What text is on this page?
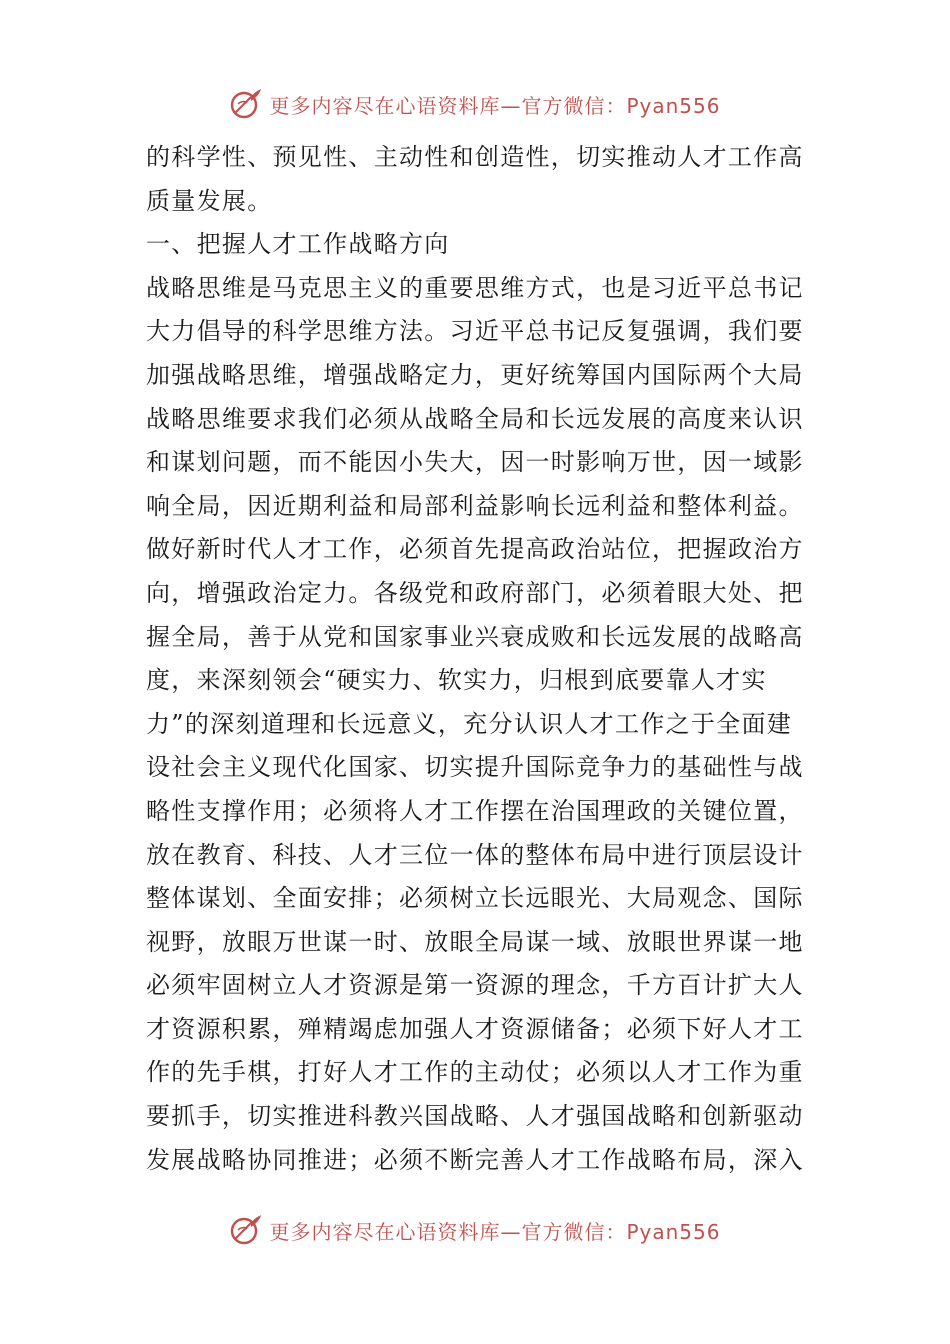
更多内容尽在心语资料库—官方微信：Pyan556
的科学性、预见性、主动性和创造性，切实推动人才工作高
质量发展。
一、把握人才工作战略方向
战略思维是马克思主义的重要思维方式，也是习近平总书记
大力倡导的科学思维方法。习近平总书记反复强调，我们要
加强战略思维，增强战略定力，更好统筹国内国际两个大局
战略思维要求我们必须从战略全局和长远发展的高度来认识
和谋划问题，而不能因小失大，因一时影响万世，因一域影
响全局，因近期利益和局部利益影响长远利益和整体利益。
做好新时代人才工作，必须首先提高政治站位，把握政治方
向，增强政治定力。各级党和政府部门，必须着眼大处、把
握全局，善于从党和国家事业兴衰成败和长远发展的战略高
度，来深刻领会“硬实力、软实力，归根到底要靠人才实
力”的深刻道理和长远意义，充分认识人才工作之于全面建
设社会主义现代化国家、切实提升国际竞争力的基础性与战
略性支撑作用；必须将人才工作摆在治国理政的关键位置，
放在教育、科技、人才三位一体的整体布局中进行顶层设计
整体谋划、全面安排；必须树立长远眼光、大局观念、国际
视野，放眼万世谋一时、放眼全局谋一域、放眼世界谋一地
必须牢固树立人才资源是第一资源的理念，千方百计扩大人
才资源积累，殚精竭虑加强人才资源储备；必须下好人才工
作的先手棋，打好人才工作的主动仗；必须以人才工作为重
要抓手，切实推进科教兴国战略、人才强国战略和创新驱动
发展战略协同推进；必须不断完善人才工作战略布局，深入
更多内容尽在心语资料库—官方微信：Pyan556
